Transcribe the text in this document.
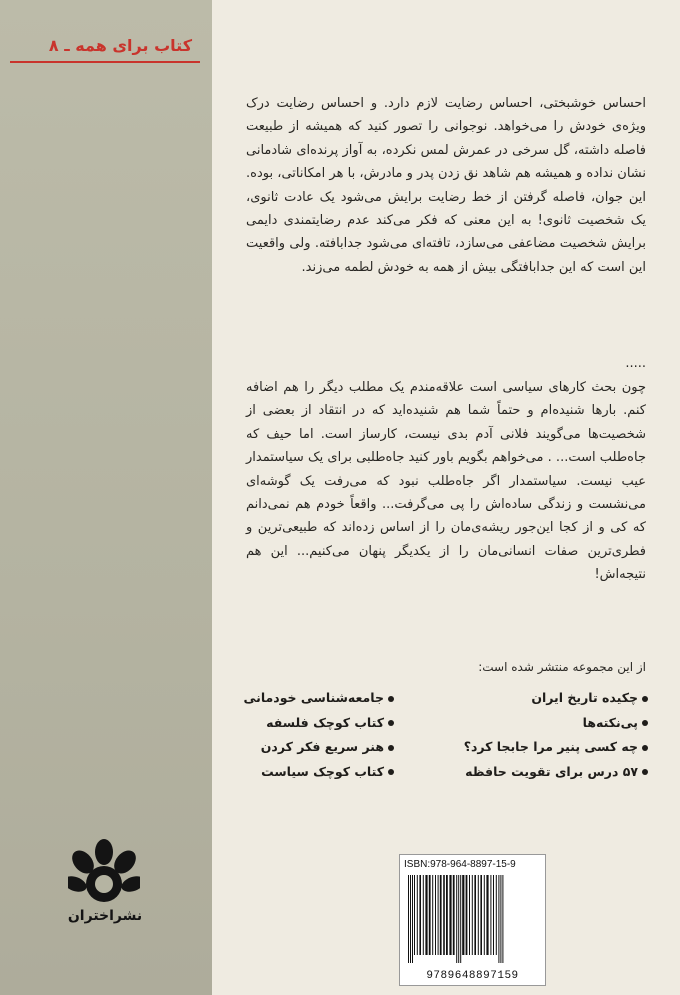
کتاب برای همه ـ ۸
نشراختران
احساس خوشبختی، احساس رضایت لازم دارد. و احساس رضایت درک ویژه‌ی خودش را می‌خواهد. نوجوانی را تصور کنید که همیشه از طبیعت فاصله داشته، گل سرخی در عمرش لمس نکرده، به آواز پرنده‌ای شادمانی نشان نداده و همیشه هم شاهد نق زدن پدر و مادرش، با هر امکاناتی، بوده. این جوان، فاصله گرفتن از خط رضایت برایش می‌شود یک عادت ثانوی، یک شخصیت ثانوی! به این معنی که فکر می‌کند عدم رضایتمندی دایمی برایش شخصیت مضاعفی می‌سازد، تافته‌ای می‌شود جدابافته. ولی واقعیت این است که این جدابافتگی بیش از همه به خودش لطمه می‌زند.
.....
چون بحث کارهای سیاسی است علاقه‌مندم یک مطلب دیگر را هم اضافه کنم. بارها شنیده‌ام و حتماً شما هم شنیده‌اید که در انتقاد از بعضی از شخصیت‌ها می‌گویند فلانی آدم بدی نیست، کارساز است. اما حیف که جاه‌طلب است... . می‌خواهم بگویم باور کنید جاه‌طلبی برای یک سیاستمدار عیب نیست. سیاستمدار اگر جاه‌طلب نبود که می‌رفت یک گوشه‌ای می‌نشست و زندگی ساده‌اش را پی می‌گرفت... واقعاً خودم هم نمی‌دانم که کی و از کجا این‌جور ریشه‌ی‌مان را از اساس زده‌اند که طبیعی‌ترین و فطری‌ترین صفات انسانی‌مان را از یکدیگر پنهان می‌کنیم... این هم نتیجه‌اش!
از این مجموعه منتشر شده است:
چکیده تاریخ ایران
پی‌نکته‌ها
چه کسی پنیر مرا جابجا کرد؟
۵۷ درس برای تقویت حافظه
جامعه‌شناسی خودمانی
کتاب کوچک فلسفه
هنر سریع فکر کردن
کتاب کوچک سیاست
ISBN:978-964-8897-15-9
9789648897159
